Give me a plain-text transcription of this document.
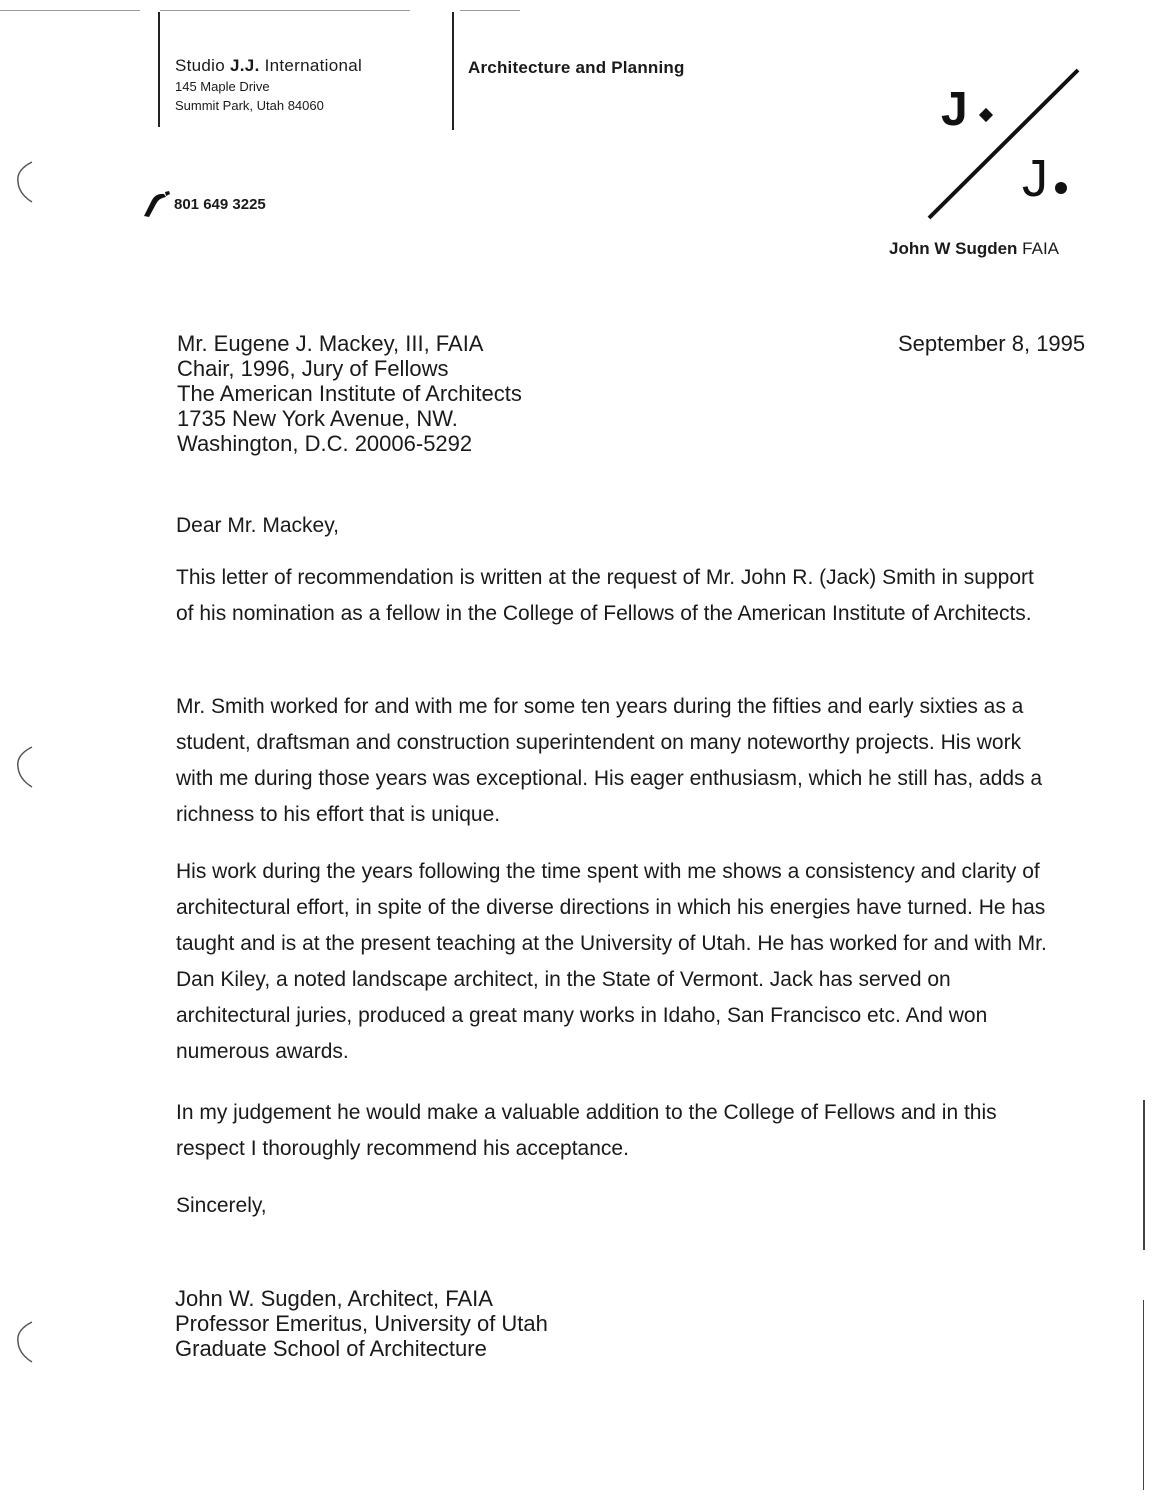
Studio J.J. International
145 Maple Drive
Summit Park, Utah 84060
Architecture and Planning
801 649 3225
J
J
John W Sugden FAIA
September 8, 1995
Mr. Eugene J. Mackey, III, FAIA
Chair, 1996, Jury of Fellows
The American Institute of Architects
1735 New York Avenue, NW.
Washington, D.C. 20006-5292
Dear Mr. Mackey,

This letter of recommendation is written at the request of Mr. John R. (Jack) Smith in support of his nomination as a fellow in the College of Fellows of the American Institute of Architects.

Mr. Smith worked for and with me for some ten years during the fifties and early sixties as a student, draftsman and construction superintendent on many noteworthy projects. His work with me during those years was exceptional. His eager enthusiasm, which he still has, adds a richness to his effort that is unique.

His work during the years following the time spent with me shows a consistency and clarity of architectural effort, in spite of the diverse directions in which his energies have turned. He has taught and is at the present teaching at the University of Utah. He has worked for and with Mr. Dan Kiley, a noted landscape architect, in the State of Vermont. Jack has served on architectural juries, produced a great many works in Idaho, San Francisco etc. And won numerous awards.

In my judgement he would make a valuable addition to the College of Fellows and in this respect I thoroughly recommend his acceptance.

Sincerely,
John W. Sugden, Architect, FAIA
Professor Emeritus, University of Utah
Graduate School of Architecture
